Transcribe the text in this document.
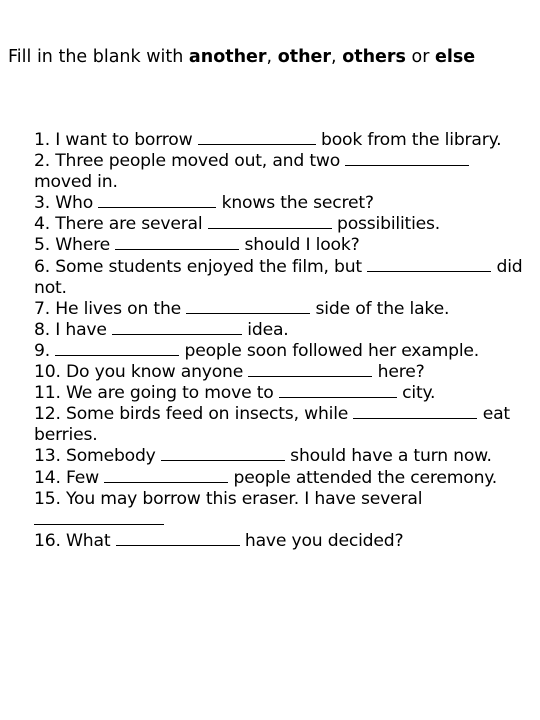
Fill in the blank with another, other, others or else

1. I want to borrow	book from the library.

2. Three people moved out, and two  moved in.

3. Who	knows the secret?

4. There are several	possibilities.

5. Where	should I look?

6. Some students enjoyed the film, but	did not.

7. He lives on the	side of the lake.

8. I have	idea.

9.	people soon followed her example.

10. Do you know anyone	here?

11. We are going to move to	city.

12. Some birds feed on insects, while	eat berries.

13. Somebody	should have a turn now.

14. Few	people attended the ceremony.

15. You may borrow this eraser. I have several

16. What	have you decided?
